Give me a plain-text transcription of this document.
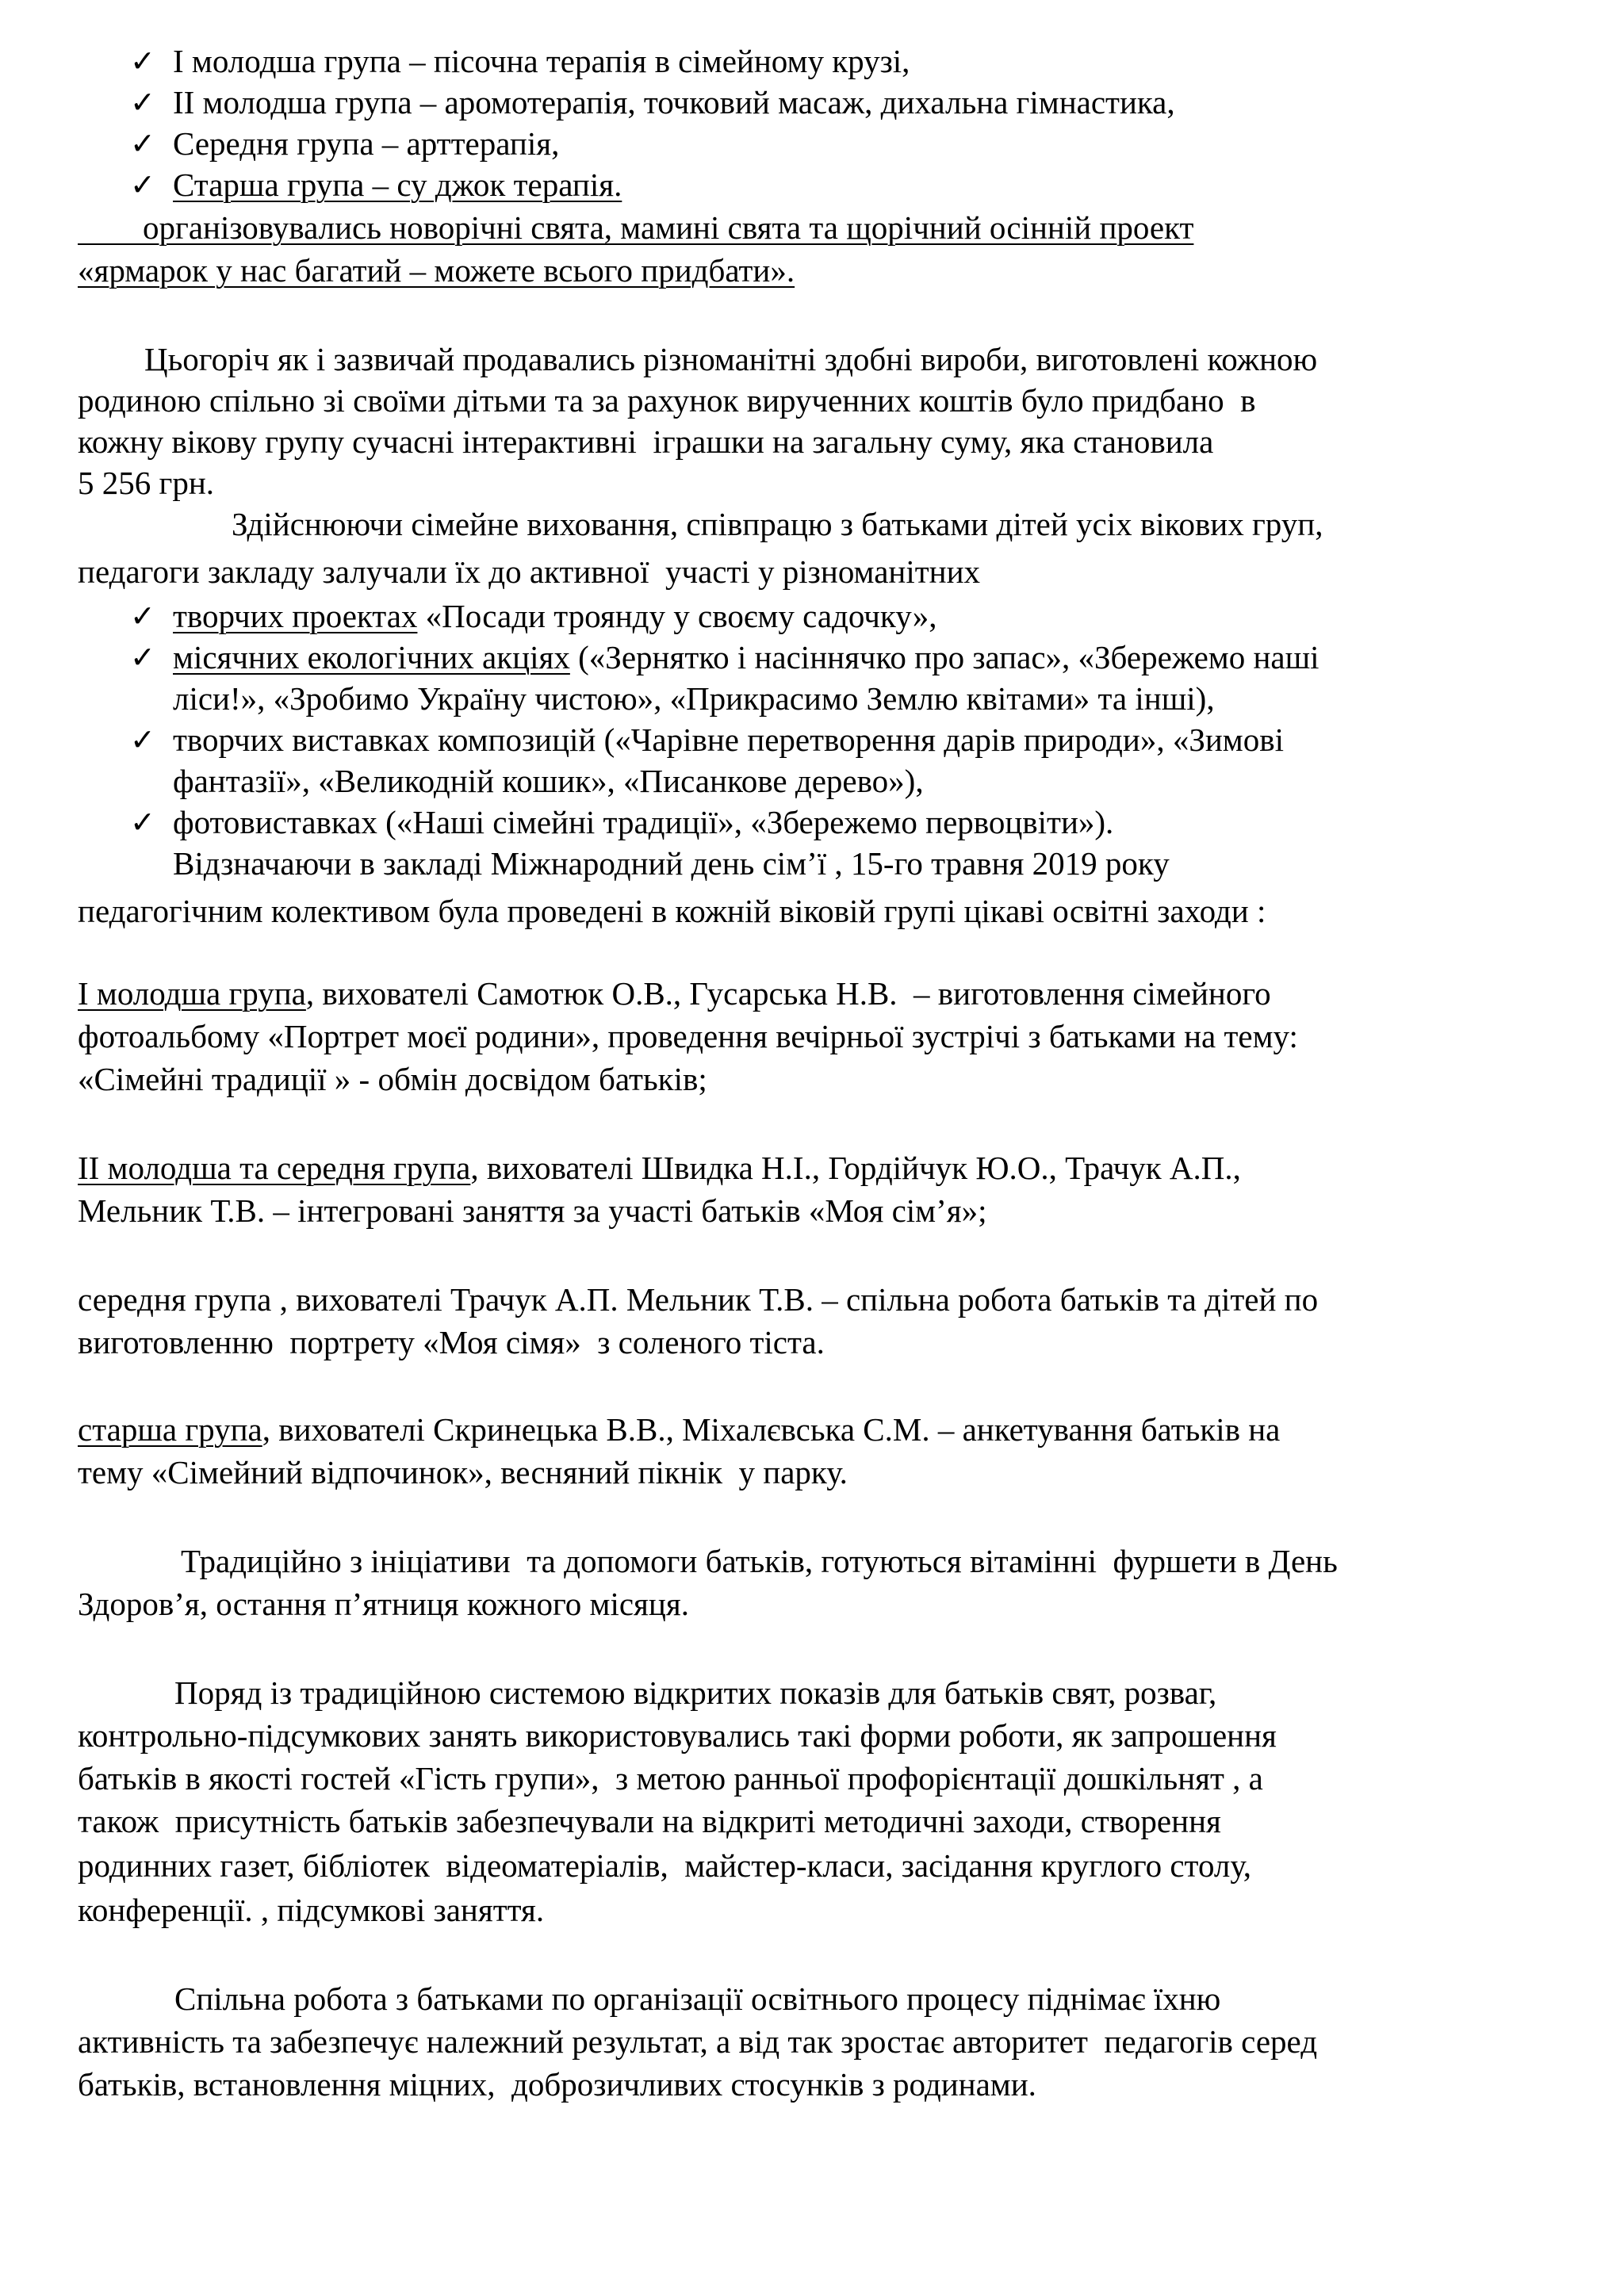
✓ І молодша група – пісочна терапія в сімейному крузі,
✓ ІІ молодша група – аромотерапія, точковий масаж, дихальна гімнастика,
✓ Середня група – арттерапія,
✓ Старша група – су джок терапія.
організовувались новорічні свята, мамині свята та щорічний осінній проект
«ярмарок у нас багатий – можете всього придбати».
Цьогоріч як і зазвичай продавались різноманітні здобні вироби, виготовлені кожною
родиною спільно зі своїми дітьми та за рахунок вирученних коштів було придбано  в
кожну вікову групу сучасні інтерактивні  іграшки на загальну суму, яка становила
5 256 грн.
Здійснюючи сімейне виховання, співпрацю з батьками дітей усіх вікових груп,
педагоги закладу залучали їх до активної  участі у різноманітних
✓ творчих проектах «Посади троянду у своєму садочку»,
✓ місячних екологічних акціях («Зернятко і насіннячко про запас», «Збережемо наші
ліси!», «Зробимо Україну чистою», «Прикрасимо Землю квітами» та інші),
✓ творчих виставках композицій («Чарівне перетворення дарів природи», «Зимові
фантазії», «Великодній кошик», «Писанкове дерево»),
✓ фотовиставках («Наші сімейні традиції», «Збережемо первоцвіти»).
Відзначаючи в закладі Міжнародний день сім’ї , 15-го травня 2019 року
педагогічним колективом була проведені в кожній віковій групі цікаві освітні заходи :
І молодша група, вихователі Самотюк О.В., Гусарська Н.В.  – виготовлення сімейного
фотоальбому «Портрет моєї родини», проведення вечірньої зустрічі з батьками на тему:
«Сімейні традиції » - обмін досвідом батьків;
ІІ молодша та середня група, вихователі Швидка Н.І., Гордійчук Ю.О., Трачук А.П.,
Мельник Т.В. – інтегровані заняття за участі батьків «Моя сім’я»;
середня група , вихователі Трачук А.П. Мельник Т.В. – спільна робота батьків та дітей по
виготовленню  портрету «Моя сімя»  з соленого тіста.
старша група, вихователі Скринецька В.В., Міхалєвська С.М. – анкетування батьків на
тему «Сімейний відпочинок», весняний пікнік  у парку.
Традиційно з ініціативи  та допомоги батьків, готуються вітамінні  фуршети в День
Здоров’я, остання п’ятниця кожного місяця.
Поряд із традиційною системою відкритих показів для батьків свят, розваг,
контрольно-підсумкових занять використовувались такі форми роботи, як запрошення
батьків в якості гостей «Гість групи»,  з метою ранньої профорієнтації дошкільнят , а
також  присутність батьків забезпечували на відкриті методичні заходи, створення
родинних газет, бібліотек  відеоматеріалів,  майстер-класи, засідання круглого столу,
конференції. , підсумкові заняття.
Спільна робота з батьками по організації освітнього процесу піднімає їхню
активність та забезпечує належний результат, а від так зростає авторитет  педагогів серед
батьків, встановлення міцних,  доброзичливих стосунків з родинами.
